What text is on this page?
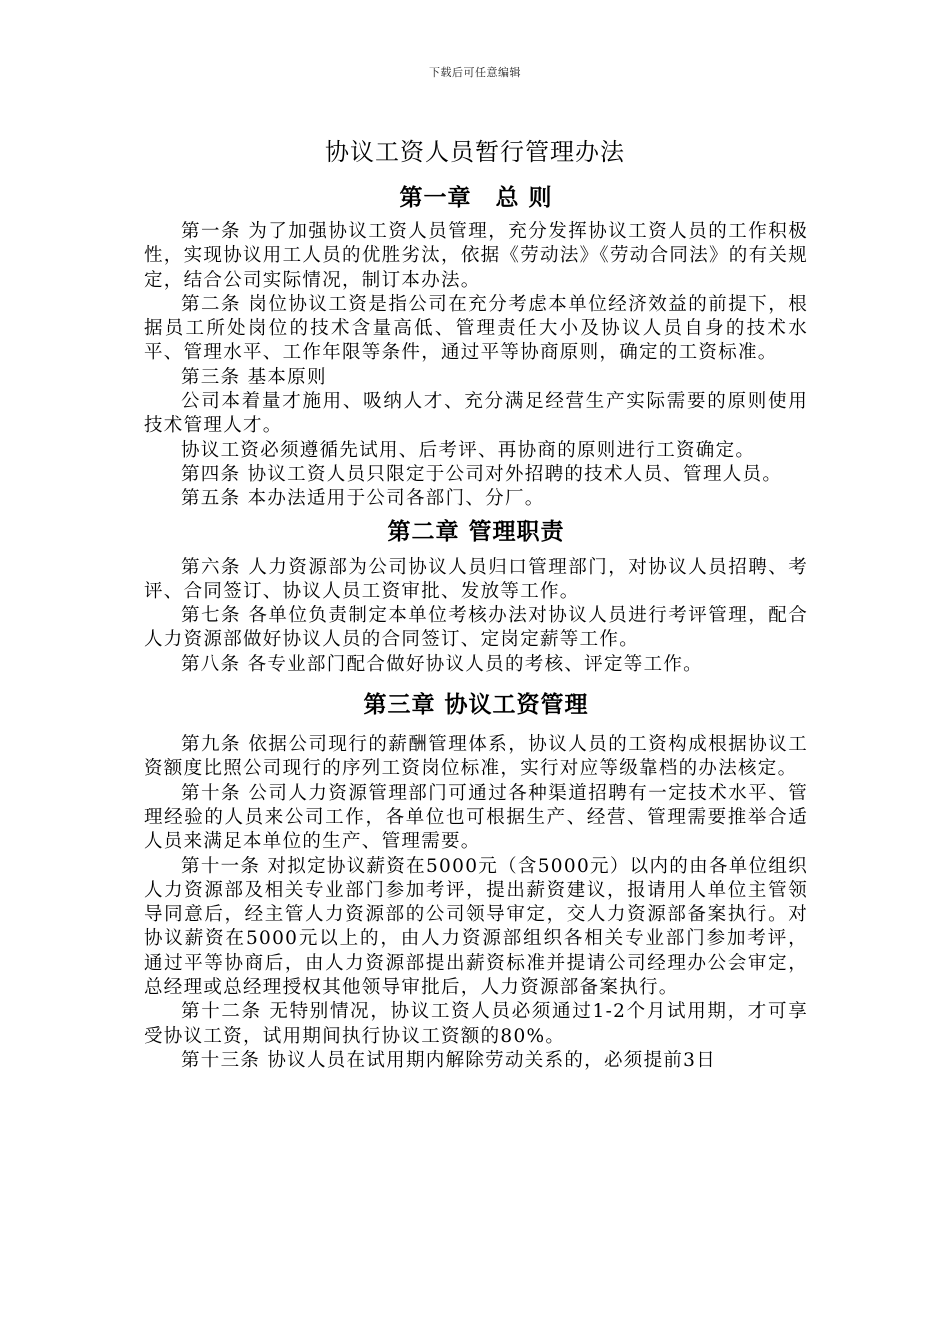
下载后可任意编辑
协议工资人员暂行管理办法
第一章　总 则

第一条 为了加强协议工资人员管理，充分发挥协议工资人员的工作积极性，实现协议用工人员的优胜劣汰，依据《劳动法》《劳动合同法》的有关规定，结合公司实际情况，制订本办法。

第二条 岗位协议工资是指公司在充分考虑本单位经济效益的前提下，根据员工所处岗位的技术含量高低、管理责任大小及协议人员自身的技术水平、管理水平、工作年限等条件，通过平等协商原则，确定的工资标准。

第三条 基本原则

公司本着量才施用、吸纳人才、充分满足经营生产实际需要的原则使用技术管理人才。

协议工资必须遵循先试用、后考评、再协商的原则进行工资确定。

第四条 协议工资人员只限定于公司对外招聘的技术人员、管理人员。

第五条 本办法适用于公司各部门、分厂。

第二章 管理职责

第六条 人力资源部为公司协议人员归口管理部门，对协议人员招聘、考评、合同签订、协议人员工资审批、发放等工作。

第七条 各单位负责制定本单位考核办法对协议人员进行考评管理，配合人力资源部做好协议人员的合同签订、定岗定薪等工作。

第八条 各专业部门配合做好协议人员的考核、评定等工作。

第三章 协议工资管理

第九条 依据公司现行的薪酬管理体系，协议人员的工资构成根据协议工资额度比照公司现行的序列工资岗位标准，实行对应等级靠档的办法核定。

第十条 公司人力资源管理部门可通过各种渠道招聘有一定技术水平、管理经验的人员来公司工作，各单位也可根据生产、经营、管理需要推举合适人员来满足本单位的生产、管理需要。

第十一条 对拟定协议薪资在5000元（含5000元）以内的由各单位组织人力资源部及相关专业部门参加考评，提出薪资建议，报请用人单位主管领导同意后，经主管人力资源部的公司领导审定，交人力资源部备案执行。对协议薪资在5000元以上的，由人力资源部组织各相关专业部门参加考评，通过平等协商后，由人力资源部提出薪资标准并提请公司经理办公会审定，总经理或总经理授权其他领导审批后，人力资源部备案执行。

第十二条 无特别情况，协议工资人员必须通过1-2个月试用期，才可享受协议工资，试用期间执行协议工资额的80%。

第十三条 协议人员在试用期内解除劳动关系的，必须提前3日
